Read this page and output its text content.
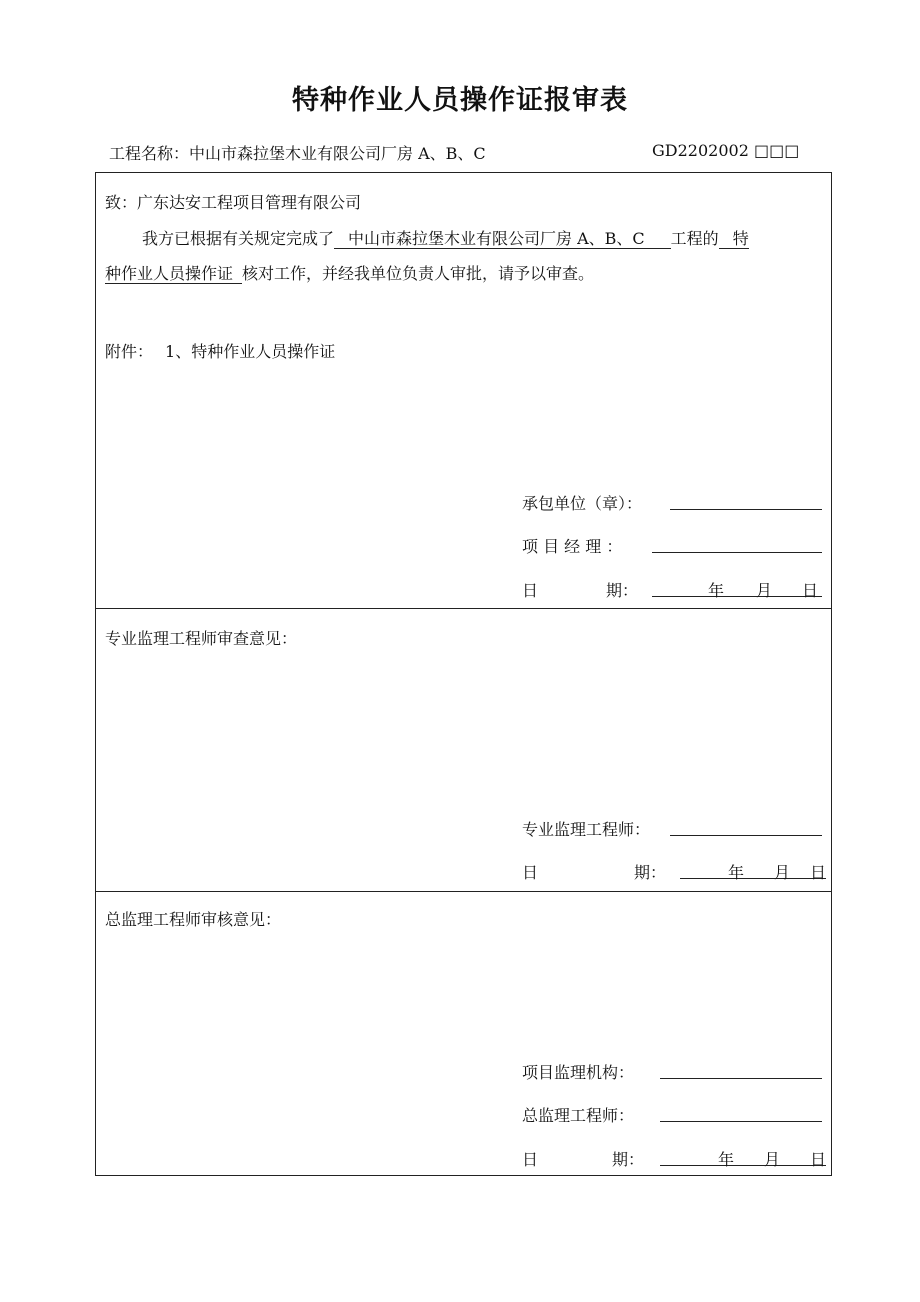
特种作业人员操作证报审表
工程名称：中山市森拉堡木业有限公司厂房 A、B、C	GD2202002 □□□
致：广东达安工程项目管理有限公司
我方已根据有关规定完成了 中山市森拉堡木业有限公司厂房 A、B、C 工程的 特
种作业人员操作证 核对工作，并经我单位负责人审批，请予以审查。
附件： 1、特种作业人员操作证
承包单位（章）：
项 目 经 理 ：
日	期：	年 月 日
专业监理工程师审查意见：
专业监理工程师：
日	期：	年 月 日
总监理工程师审核意见：
项目监理机构：
总监理工程师：
日	期：	年 月 日
